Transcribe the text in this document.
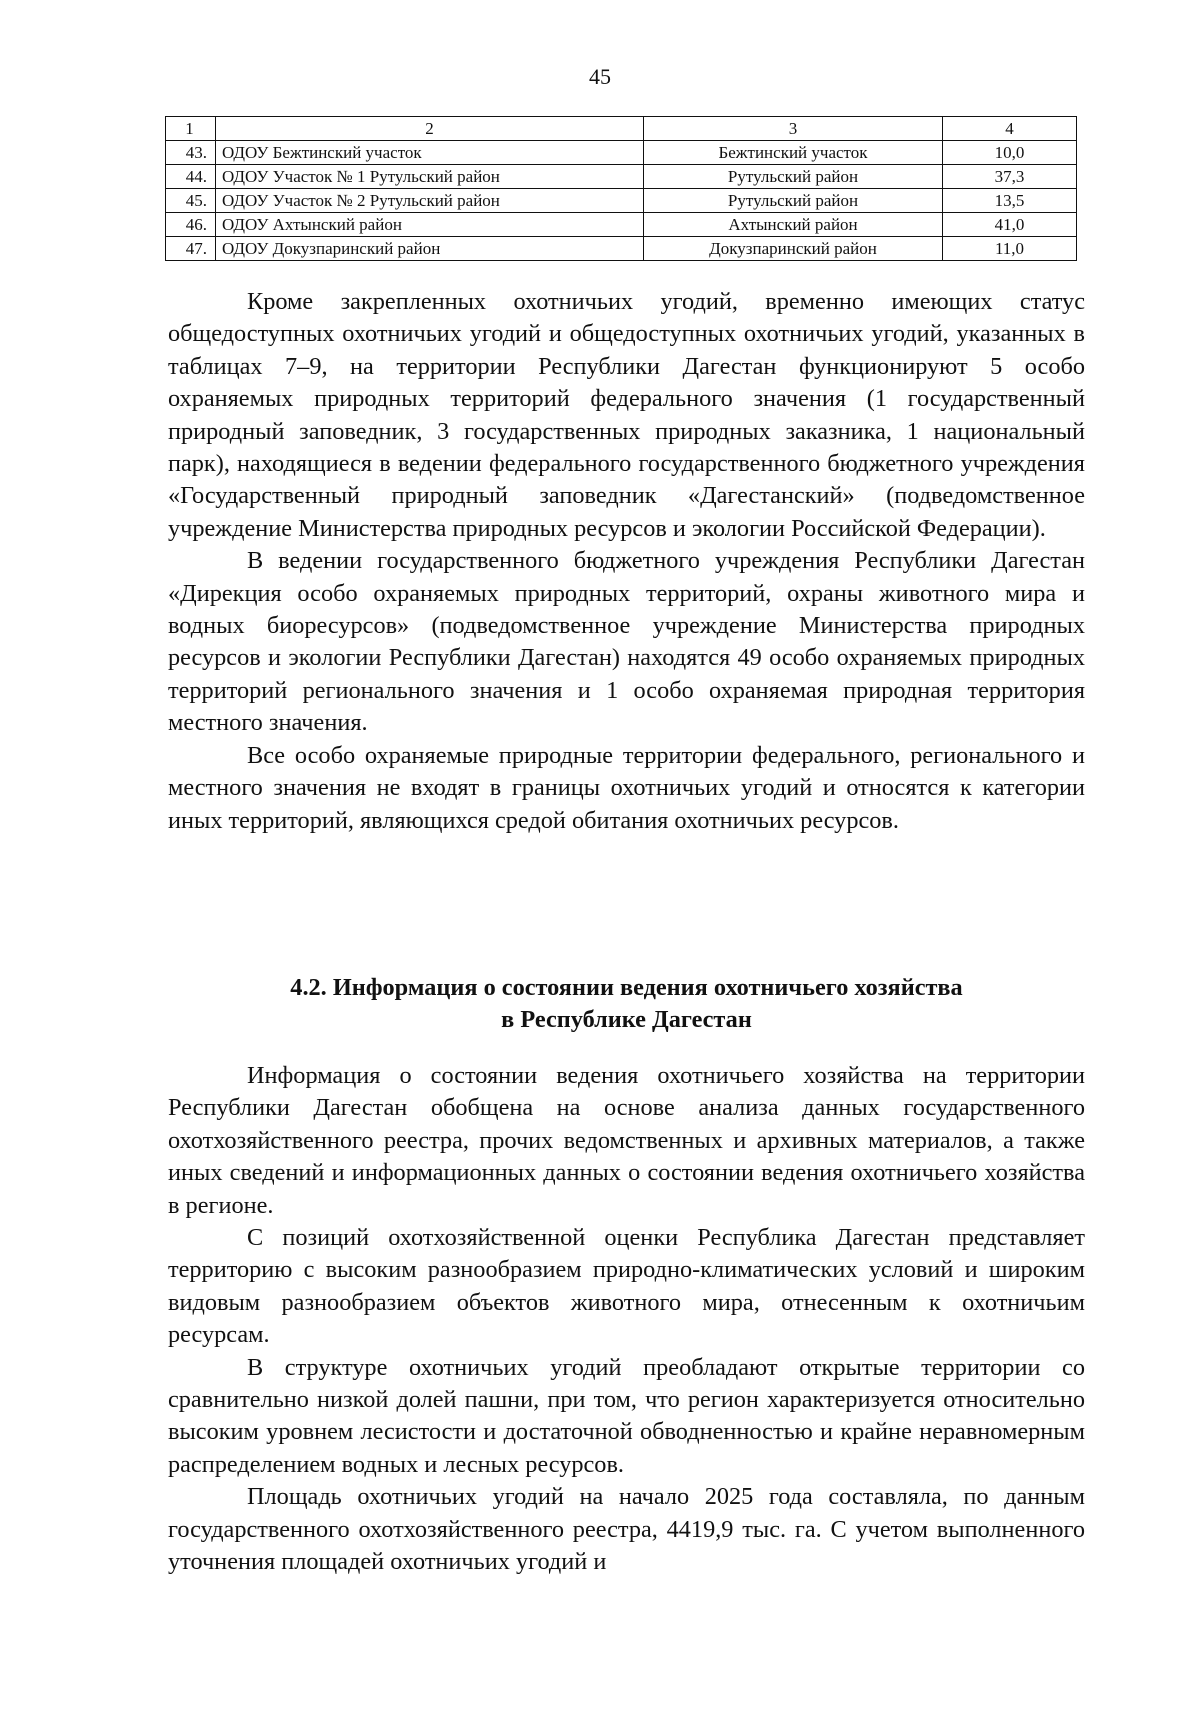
45
1	2	3	4
43.	ОДОУ Бежтинский участок	Бежтинский участок	10,0
44.	ОДОУ Участок № 1 Рутульский район	Рутульский район	37,3
45.	ОДОУ Участок № 2 Рутульский район	Рутульский район	13,5
46.	ОДОУ Ахтынский район	Ахтынский район	41,0
47.	ОДОУ Докузпаринский район	Докузпаринский район	11,0

Кроме закрепленных охотничьих угодий, временно имеющих статус общедоступных охотничьих угодий и общедоступных охотничьих угодий, указанных в таблицах 7–9, на территории Республики Дагестан функционируют 5 особо охраняемых природных территорий федерального значения (1 государственный природный заповедник, 3 государственных природных заказника, 1 национальный парк), находящиеся в ведении федерального государственного бюджетного учреждения «Государственный природный заповедник «Дагестанский» (подведомственное учреждение Министерства природных ресурсов и экологии Российской Федерации).

В ведении государственного бюджетного учреждения Республики Дагестан «Дирекция особо охраняемых природных территорий, охраны животного мира и водных биоресурсов» (подведомственное учреждение Министерства природных ресурсов и экологии Республики Дагестан) находятся 49 особо охраняемых природных территорий регионального значения и 1 особо охраняемая природная территория местного значения.

Все особо охраняемые природные территории федерального, регионального и местного значения не входят в границы охотничьих угодий и относятся к категории иных территорий, являющихся средой обитания охотничьих ресурсов.

4.2. Информация о состоянии ведения охотничьего хозяйства
в Республике Дагестан

Информация о состоянии ведения охотничьего хозяйства на территории Республики Дагестан обобщена на основе анализа данных государственного охотхозяйственного реестра, прочих ведомственных и архивных материалов, а также иных сведений и информационных данных о состоянии ведения охотничьего хозяйства в регионе.

С позиций охотхозяйственной оценки Республика Дагестан представляет территорию с высоким разнообразием природно-климатических условий и широким видовым разнообразием объектов животного мира, отнесенным к охотничьим ресурсам.

В структуре охотничьих угодий преобладают открытые территории со сравнительно низкой долей пашни, при том, что регион характеризуется относительно высоким уровнем лесистости и достаточной обводненностью и крайне неравномерным распределением водных и лесных ресурсов.

Площадь охотничьих угодий на начало 2025 года составляла, по данным государственного охотхозяйственного реестра, 4419,9 тыс. га. С учетом выполненного уточнения площадей охотничьих угодий и
